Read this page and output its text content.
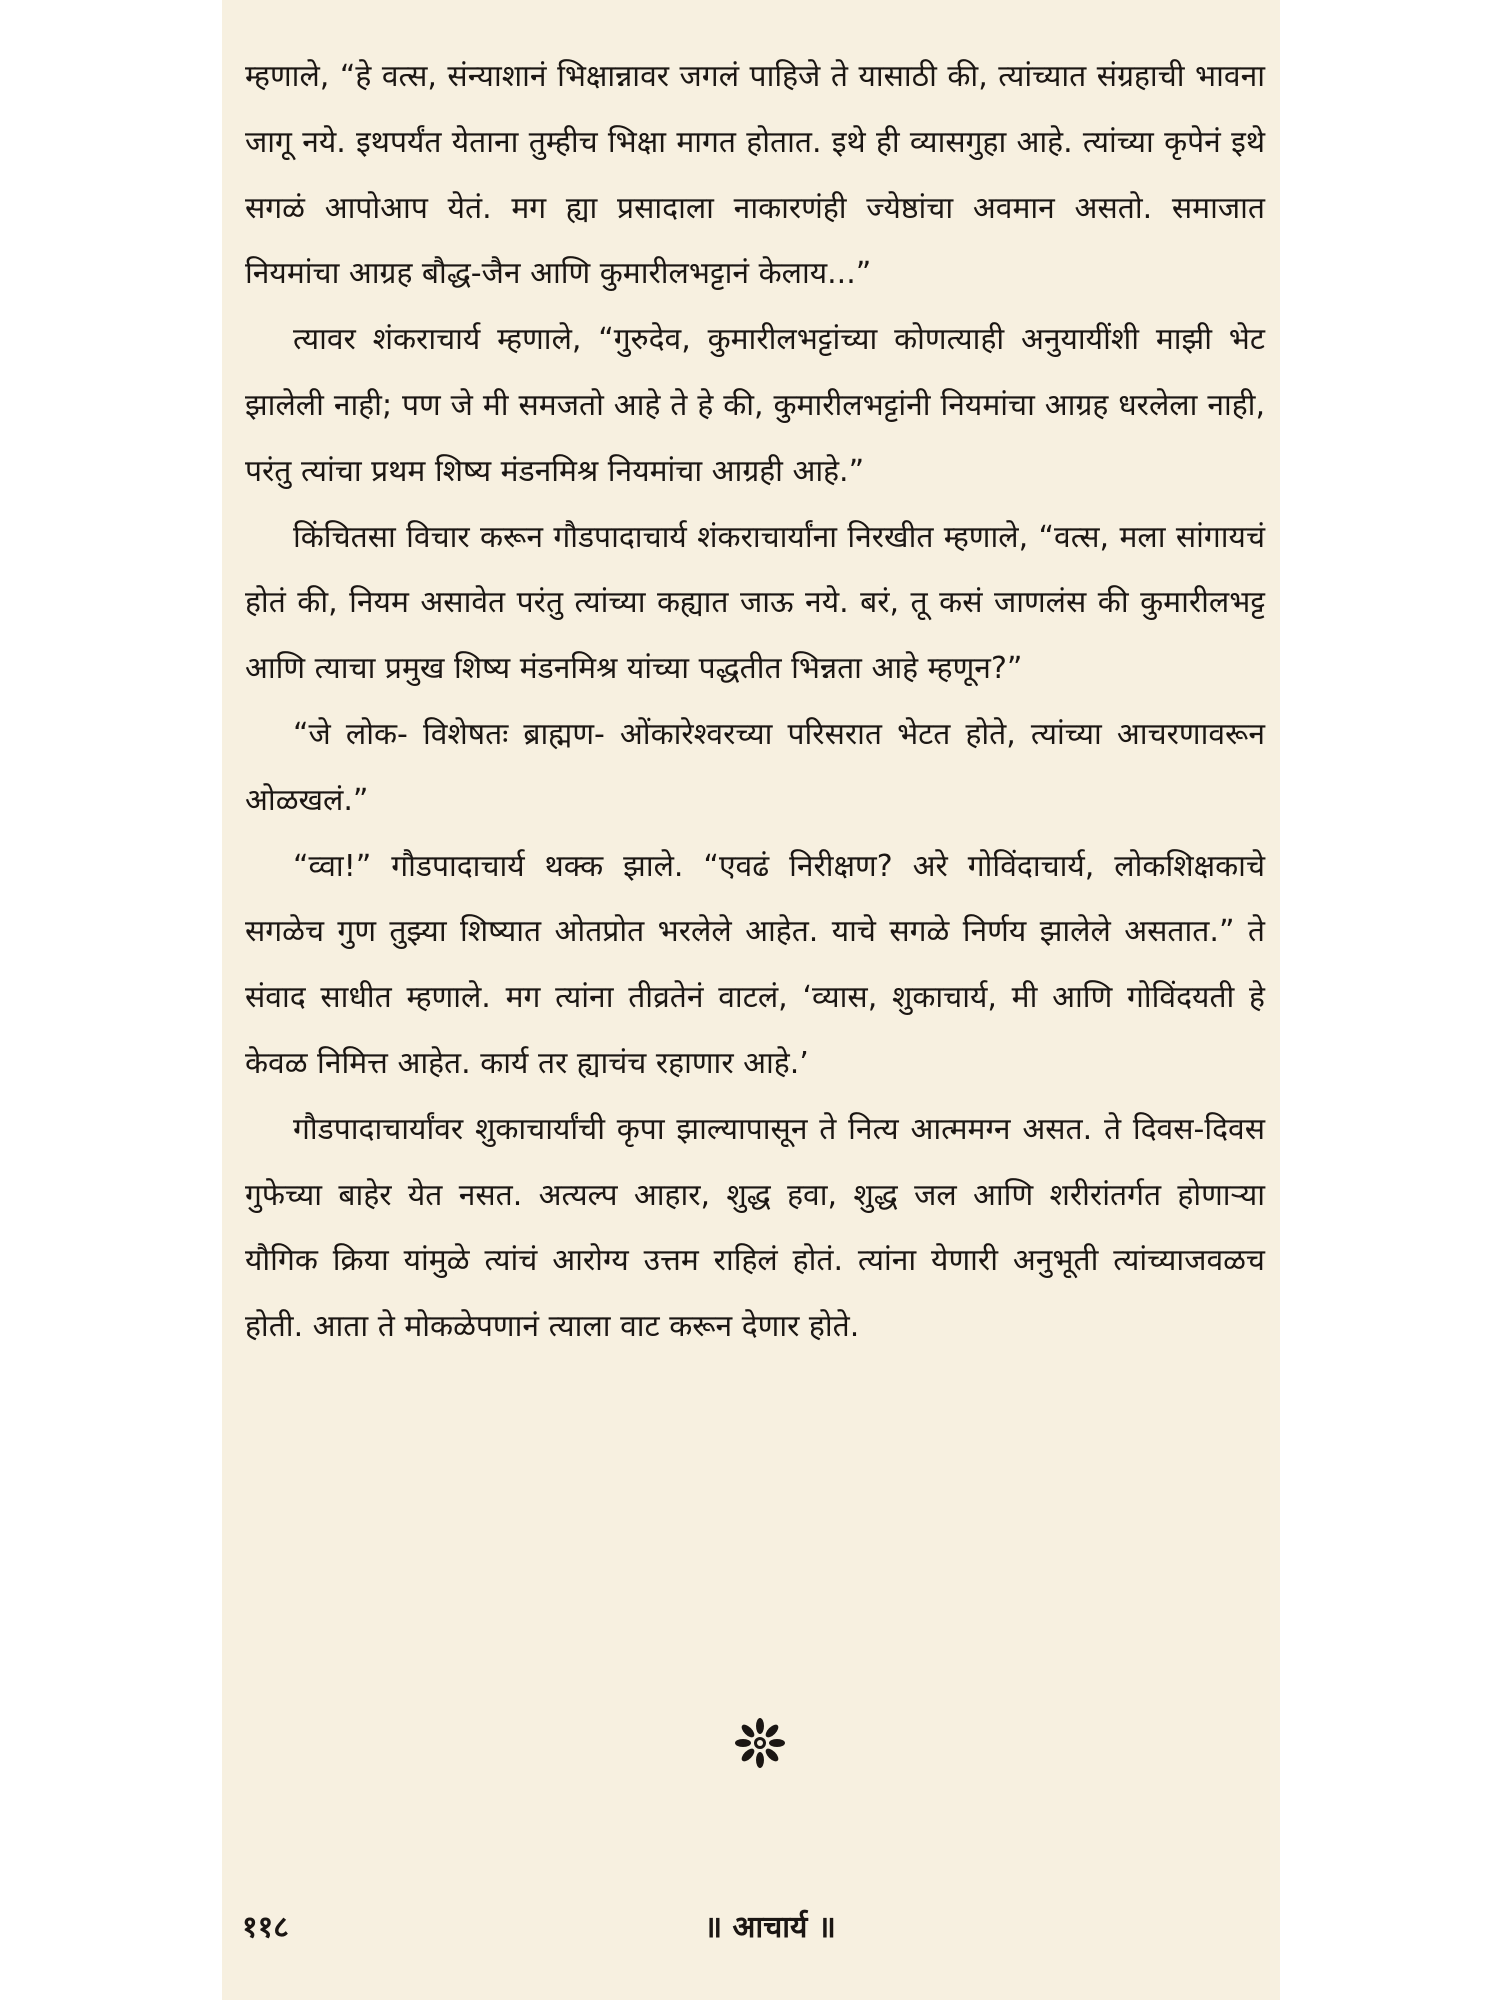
म्हणाले, “हे वत्स, संन्याशानं भिक्षान्नावर जगलं पाहिजे ते यासाठी की, त्यांच्यात संग्रहाची भावना जागू नये. इथपर्यंत येताना तुम्हीच भिक्षा मागत होतात. इथे ही व्यासगुहा आहे. त्यांच्या कृपेनं इथे सगळं आपोआप येतं. मग ह्या प्रसादाला नाकारणंही ज्येष्ठांचा अवमान असतो. समाजात नियमांचा आग्रह बौद्ध-जैन आणि कुमारीलभट्टानं केलाय...”

त्यावर शंकराचार्य म्हणाले, “गुरुदेव, कुमारीलभट्टांच्या कोणत्याही अनुयायींशी माझी भेट झालेली नाही; पण जे मी समजतो आहे ते हे की, कुमारीलभट्टांनी नियमांचा आग्रह धरलेला नाही, परंतु त्यांचा प्रथम शिष्य मंडनमिश्र नियमांचा आग्रही आहे.”

किंचितसा विचार करून गौडपादाचार्य शंकराचार्यांना निरखीत म्हणाले, “वत्स, मला सांगायचं होतं की, नियम असावेत परंतु त्यांच्या कह्यात जाऊ नये. बरं, तू कसं जाणलंस की कुमारीलभट्ट आणि त्याचा प्रमुख शिष्य मंडनमिश्र यांच्या पद्धतीत भिन्नता आहे म्हणून?”

“जे लोक- विशेषतः ब्राह्मण- ओंकारेश्वरच्या परिसरात भेटत होते, त्यांच्या आचरणावरून ओळखलं.”

“व्वा!” गौडपादाचार्य थक्क झाले. “एवढं निरीक्षण? अरे गोविंदाचार्य, लोकशिक्षकाचे सगळेच गुण तुझ्या शिष्यात ओतप्रोत भरलेले आहेत. याचे सगळे निर्णय झालेले असतात.” ते संवाद साधीत म्हणाले. मग त्यांना तीव्रतेनं वाटलं, ‘व्यास, शुकाचार्य, मी आणि गोविंदयती हे केवळ निमित्त आहेत. कार्य तर ह्याचंच रहाणार आहे.’

गौडपादाचार्यांवर शुकाचार्यांची कृपा झाल्यापासून ते नित्य आत्ममग्न असत. ते दिवस-दिवस गुफेच्या बाहेर येत नसत. अत्यल्प आहार, शुद्ध हवा, शुद्ध जल आणि शरीरांतर्गत होणाऱ्या यौगिक क्रिया यांमुळे त्यांचं आरोग्य उत्तम राहिलं होतं. त्यांना येणारी अनुभूती त्यांच्याजवळच होती. आता ते मोकळेपणानं त्याला वाट करून देणार होते.

११८	॥ आचार्य ॥
